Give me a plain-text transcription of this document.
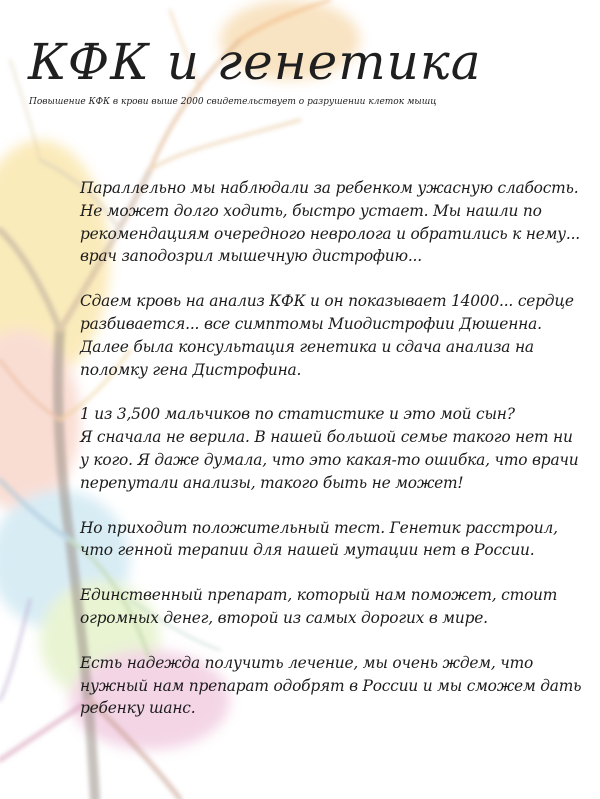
КФК и генетика

Повышение КФК в крови выше 2000 свидетельствует о разрушении клеток мышц

Параллельно мы наблюдали за ребенком ужасную слабость.
Не может долго ходить, быстро устает. Мы нашли по
рекомендациям очередного невролога и обратились к нему...
врач заподозрил мышечную дистрофию...

Сдаем кровь на анализ КФК и он показывает 14000... сердце
разбивается... все симптомы Миодистрофии Дюшенна.
Далее была консультация генетика и сдача анализа на
поломку гена Дистрофина.

1 из 3,500 мальчиков по статистике и это мой сын?
Я сначала не верила. В нашей большой семье такого нет ни
у кого. Я даже думала, что это какая-то ошибка, что врачи
перепутали анализы, такого быть не может!

Но приходит положительный тест. Генетик расстроил,
что генной терапии для нашей мутации нет в России.

Единственный препарат, который нам поможет, стоит
огромных денег, второй из самых дорогих в мире.

Есть надежда получить лечение, мы очень ждем, что
нужный нам препарат одобрят в России и мы сможем дать
ребенку шанс.
